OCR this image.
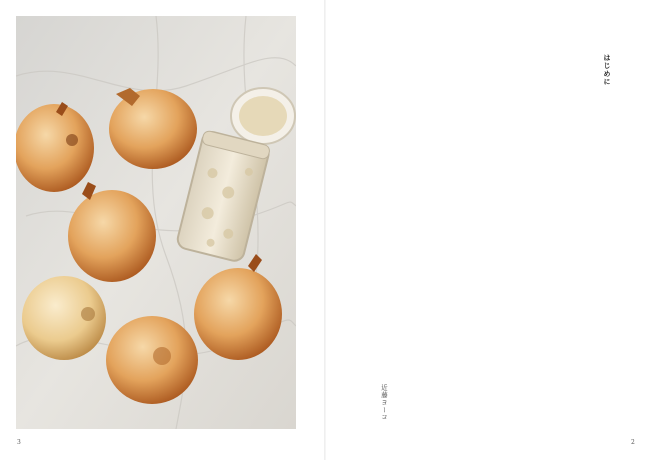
3
はじめに
近藤ヨーコ
2
